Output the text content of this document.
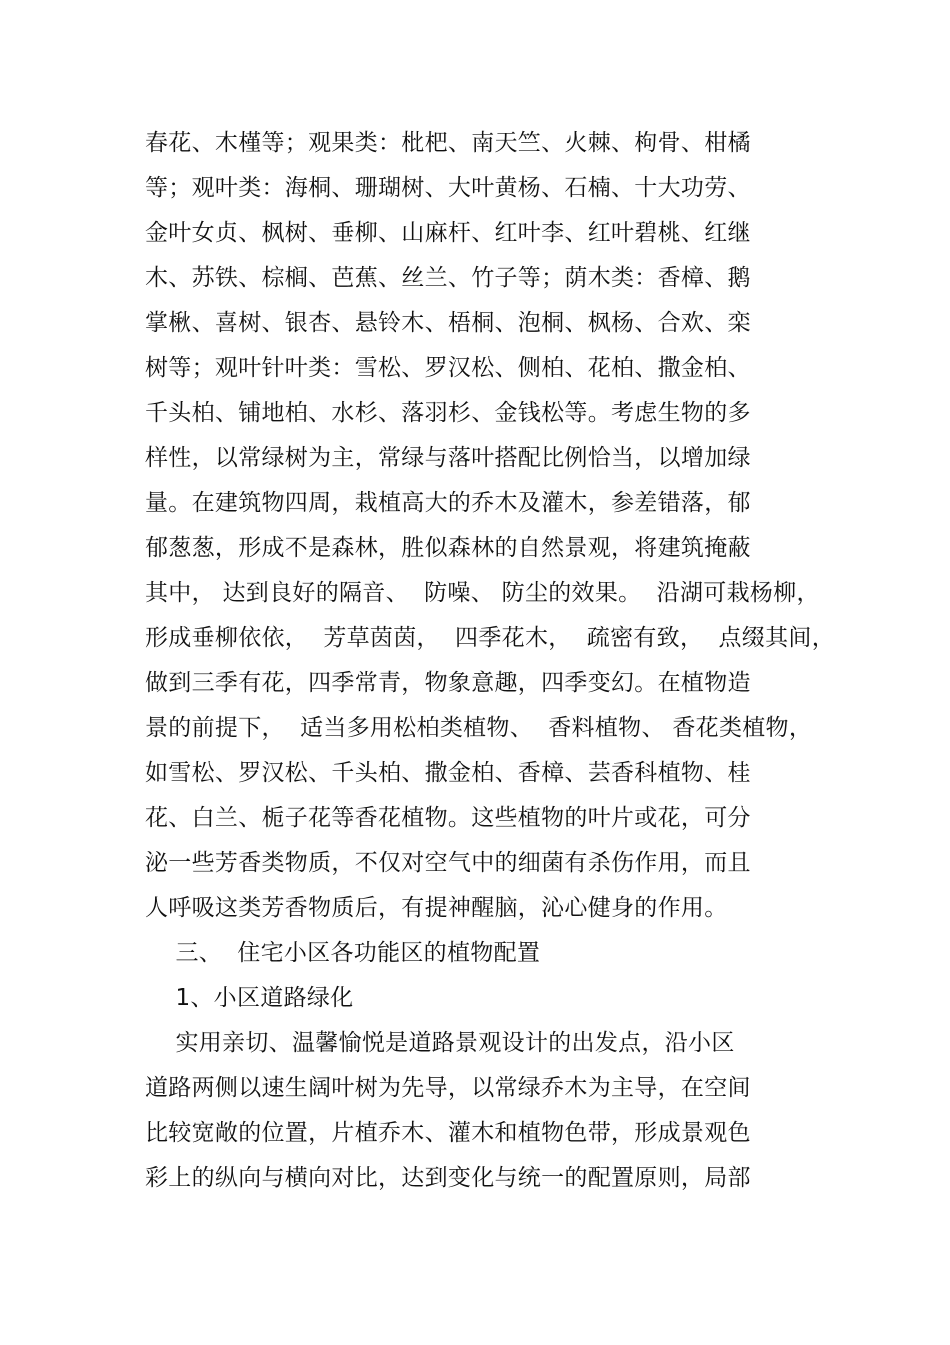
春花、木槿等；观果类：枇杷、南天竺、火棘、枸骨、柑橘
等；观叶类：海桐、珊瑚树、大叶黄杨、石楠、十大功劳、
金叶女贞、枫树、垂柳、山麻杆、红叶李、红叶碧桃、红继
木、苏铁、棕榈、芭蕉、丝兰、竹子等；荫木类：香樟、鹅
掌楸、喜树、银杏、悬铃木、梧桐、泡桐、枫杨、合欢、栾
树等；观叶针叶类：雪松、罗汉松、侧柏、花柏、撒金柏、
千头柏、铺地柏、水杉、落羽杉、金钱松等。考虑生物的多
样性，以常绿树为主，常绿与落叶搭配比例恰当，以增加绿
量。在建筑物四周，栽植高大的乔木及灌木，参差错落，郁
郁葱葱，形成不是森林，胜似森林的自然景观，将建筑掩蔽
其中， 达到良好的隔音、  防噪、 防尘的效果。  沿湖可栽杨柳，
形成垂柳依依，  芳草茵茵，  四季花木，  疏密有致，  点缀其间，
做到三季有花，四季常青，物象意趣，四季变幻。在植物造
景的前提下，  适当多用松柏类植物、  香料植物、 香花类植物，
如雪松、罗汉松、千头柏、撒金柏、香樟、芸香科植物、桂
花、白兰、栀子花等香花植物。这些植物的叶片或花，可分
泌一些芳香类物质，不仅对空气中的细菌有杀伤作用，而且
人呼吸这类芳香物质后，有提神醒脑，沁心健身的作用。
三、  住宅小区各功能区的植物配置
1、小区道路绿化
实用亲切、温馨愉悦是道路景观设计的出发点，沿小区
道路两侧以速生阔叶树为先导，以常绿乔木为主导，在空间
比较宽敞的位置，片植乔木、灌木和植物色带，形成景观色
彩上的纵向与横向对比，达到变化与统一的配置原则，局部
